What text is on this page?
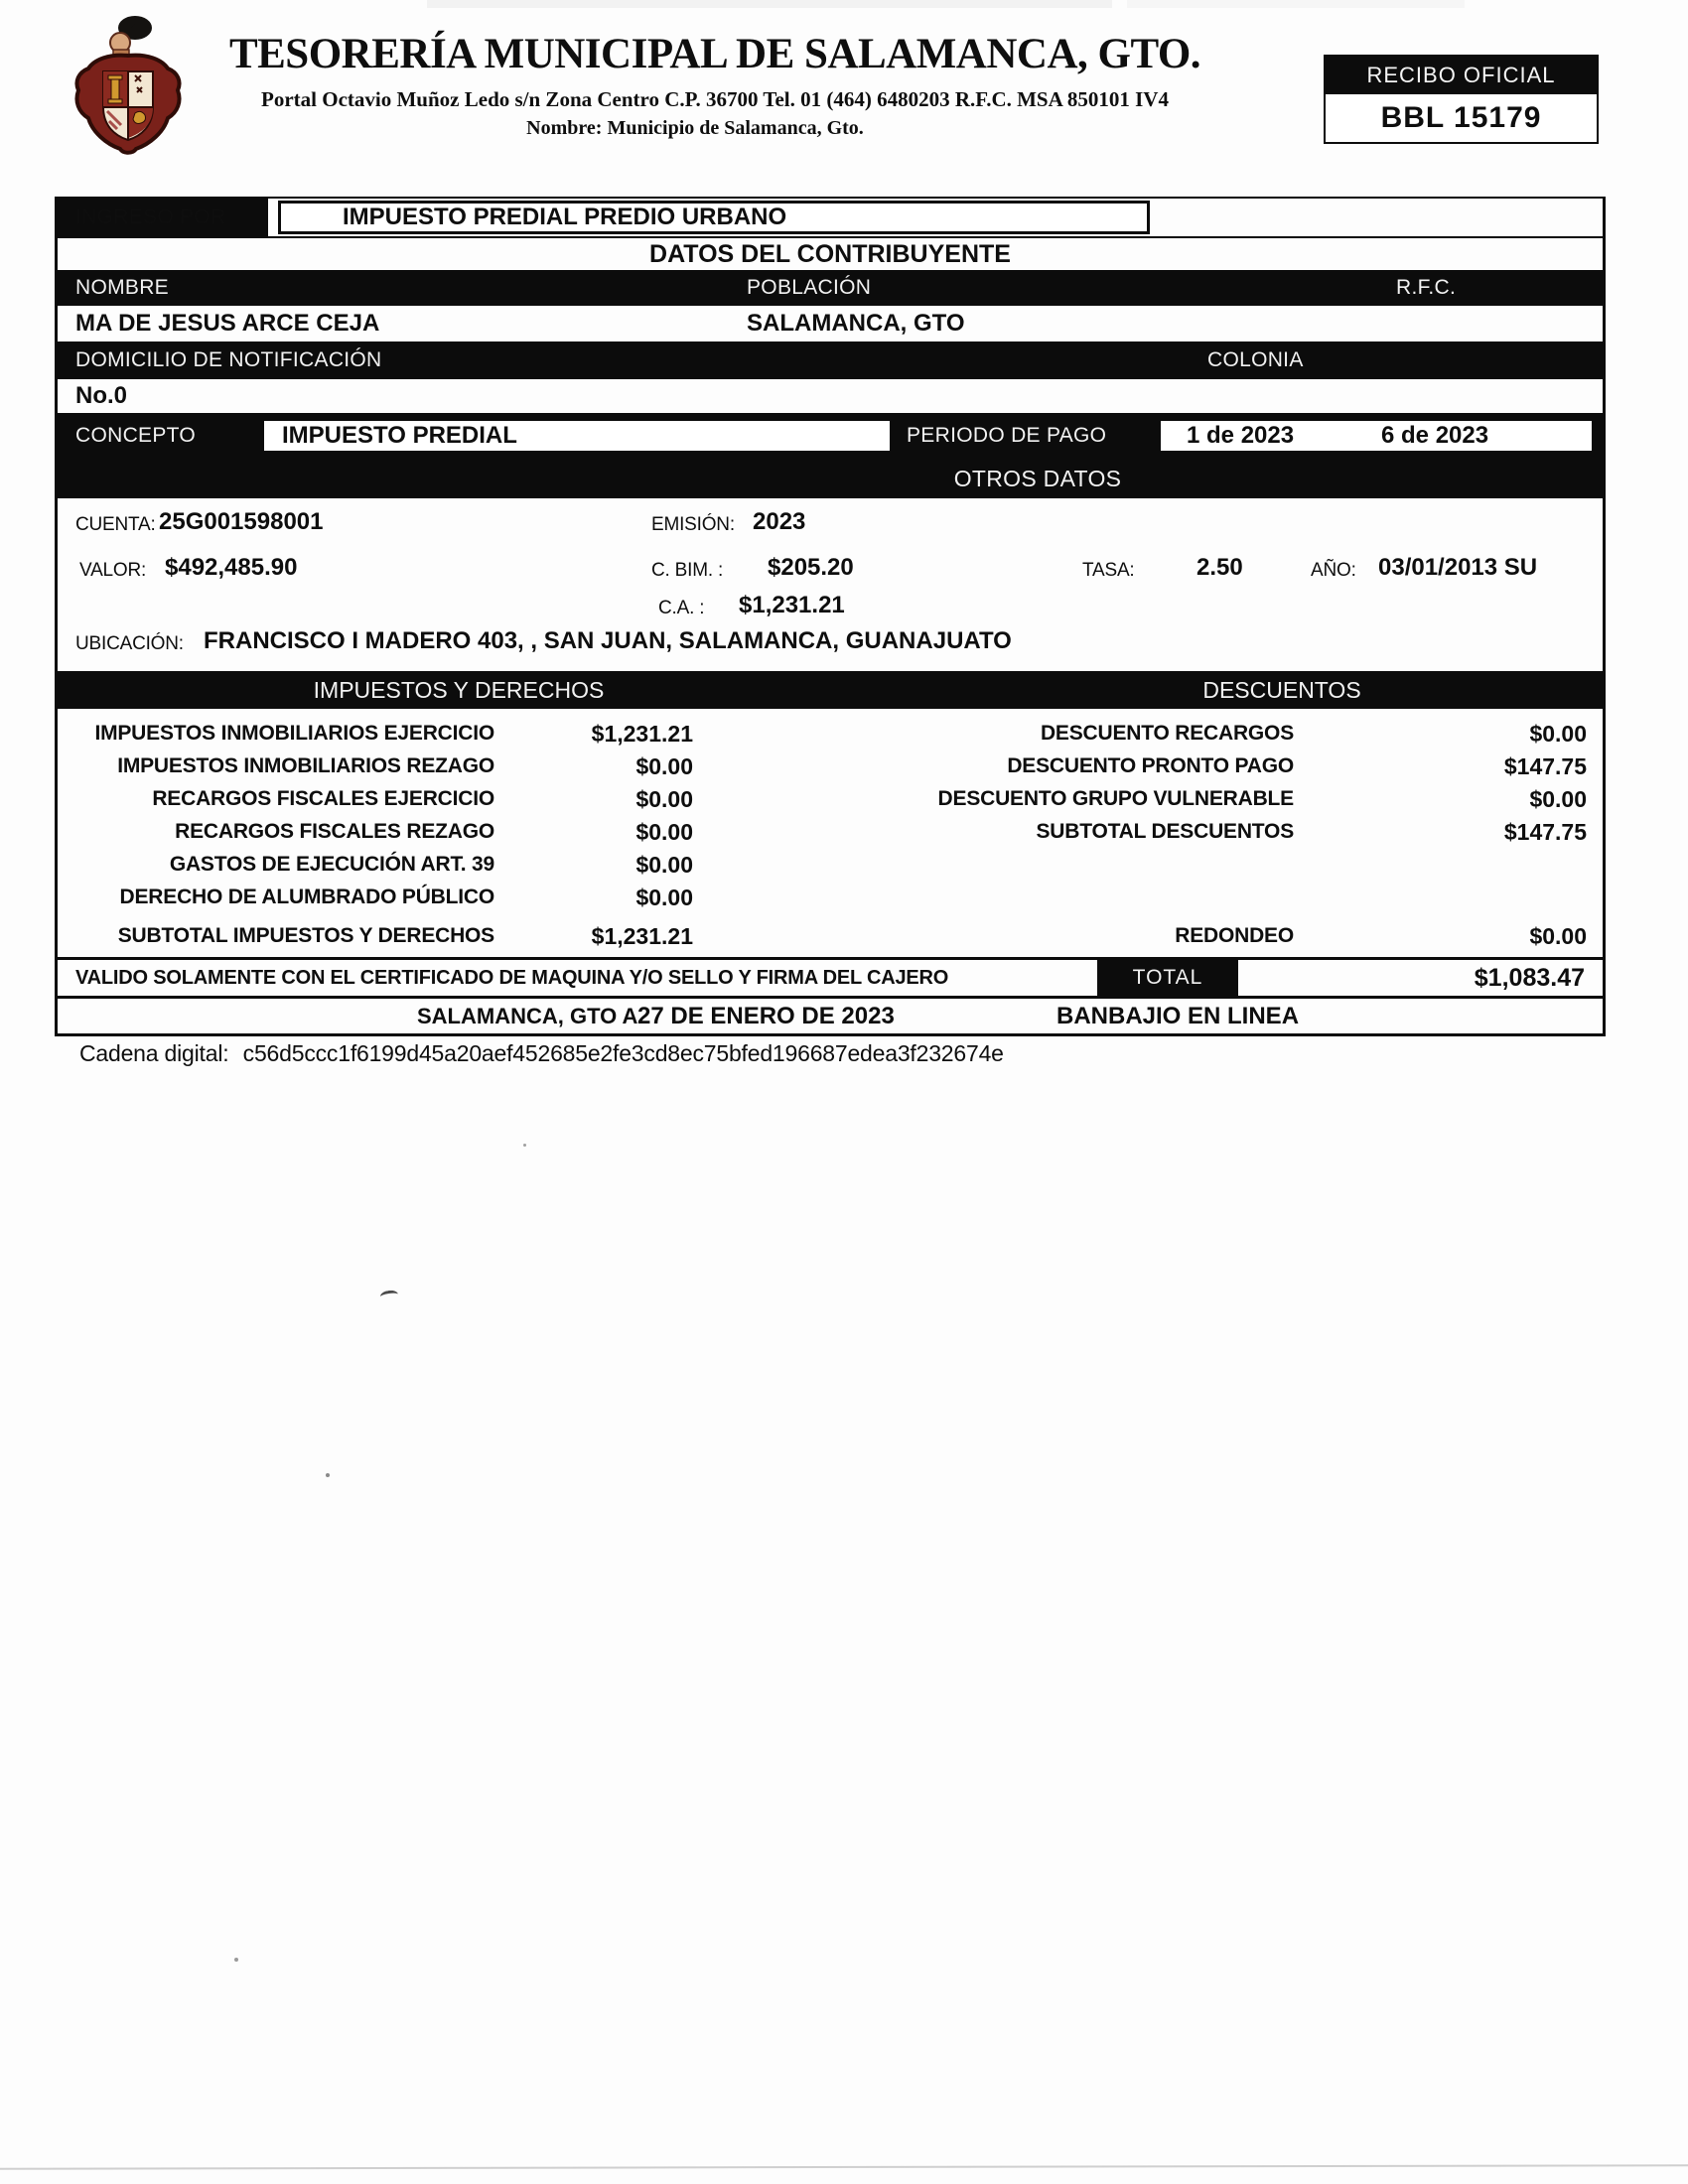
TESORERÍA MUNICIPAL DE SALAMANCA, GTO.
Portal Octavio Muñoz Ledo s/n Zona Centro C.P. 36700 Tel. 01 (464) 6480203 R.F.C. MSA 850101 IV4
Nombre: Municipio de Salamanca, Gto.
RECIBO OFICIAL
BBL 15179
INGRESO POR	IMPUESTO PREDIAL PREDIO URBANO
DATOS DEL CONTRIBUYENTE
NOMBRE	POBLACIÓN	R.F.C.
MA DE JESUS ARCE CEJA	SALAMANCA, GTO
DOMICILIO DE NOTIFICACIÓN	COLONIA
No.0
CONCEPTO	IMPUESTO PREDIAL	PERIODO DE PAGO	1 de 2023	6 de 2023
OTROS DATOS
CUENTA: 25G001598001	EMISIÓN: 2023
VALOR: $492,485.90	C. BIM. : $205.20	TASA:	2.50	AÑO: 03/01/2013 SU
C.A. : $1,231.21
UBICACIÓN: FRANCISCO I MADERO 403, , SAN JUAN, SALAMANCA, GUANAJUATO
IMPUESTOS Y DERECHOS	DESCUENTOS
IMPUESTOS INMOBILIARIOS EJERCICIO	$1,231.21
IMPUESTOS INMOBILIARIOS REZAGO	$0.00
RECARGOS FISCALES EJERCICIO	$0.00
RECARGOS FISCALES REZAGO	$0.00
GASTOS DE EJECUCIÓN ART. 39	$0.00
DERECHO DE ALUMBRADO PÚBLICO	$0.00
SUBTOTAL IMPUESTOS Y DERECHOS	$1,231.21
DESCUENTO RECARGOS	$0.00
DESCUENTO PRONTO PAGO	$147.75
DESCUENTO GRUPO VULNERABLE	$0.00
SUBTOTAL DESCUENTOS	$147.75
REDONDEO	$0.00
VALIDO SOLAMENTE CON EL CERTIFICADO DE MAQUINA Y/O SELLO Y FIRMA DEL CAJERO	TOTAL	$1,083.47
SALAMANCA, GTO A 27 DE ENERO DE 2023	BANBAJIO EN LINEA
Cadena digital: c56d5ccc1f6199d45a20aef452685e2fe3cd8ec75bfed196687edea3f232674e
